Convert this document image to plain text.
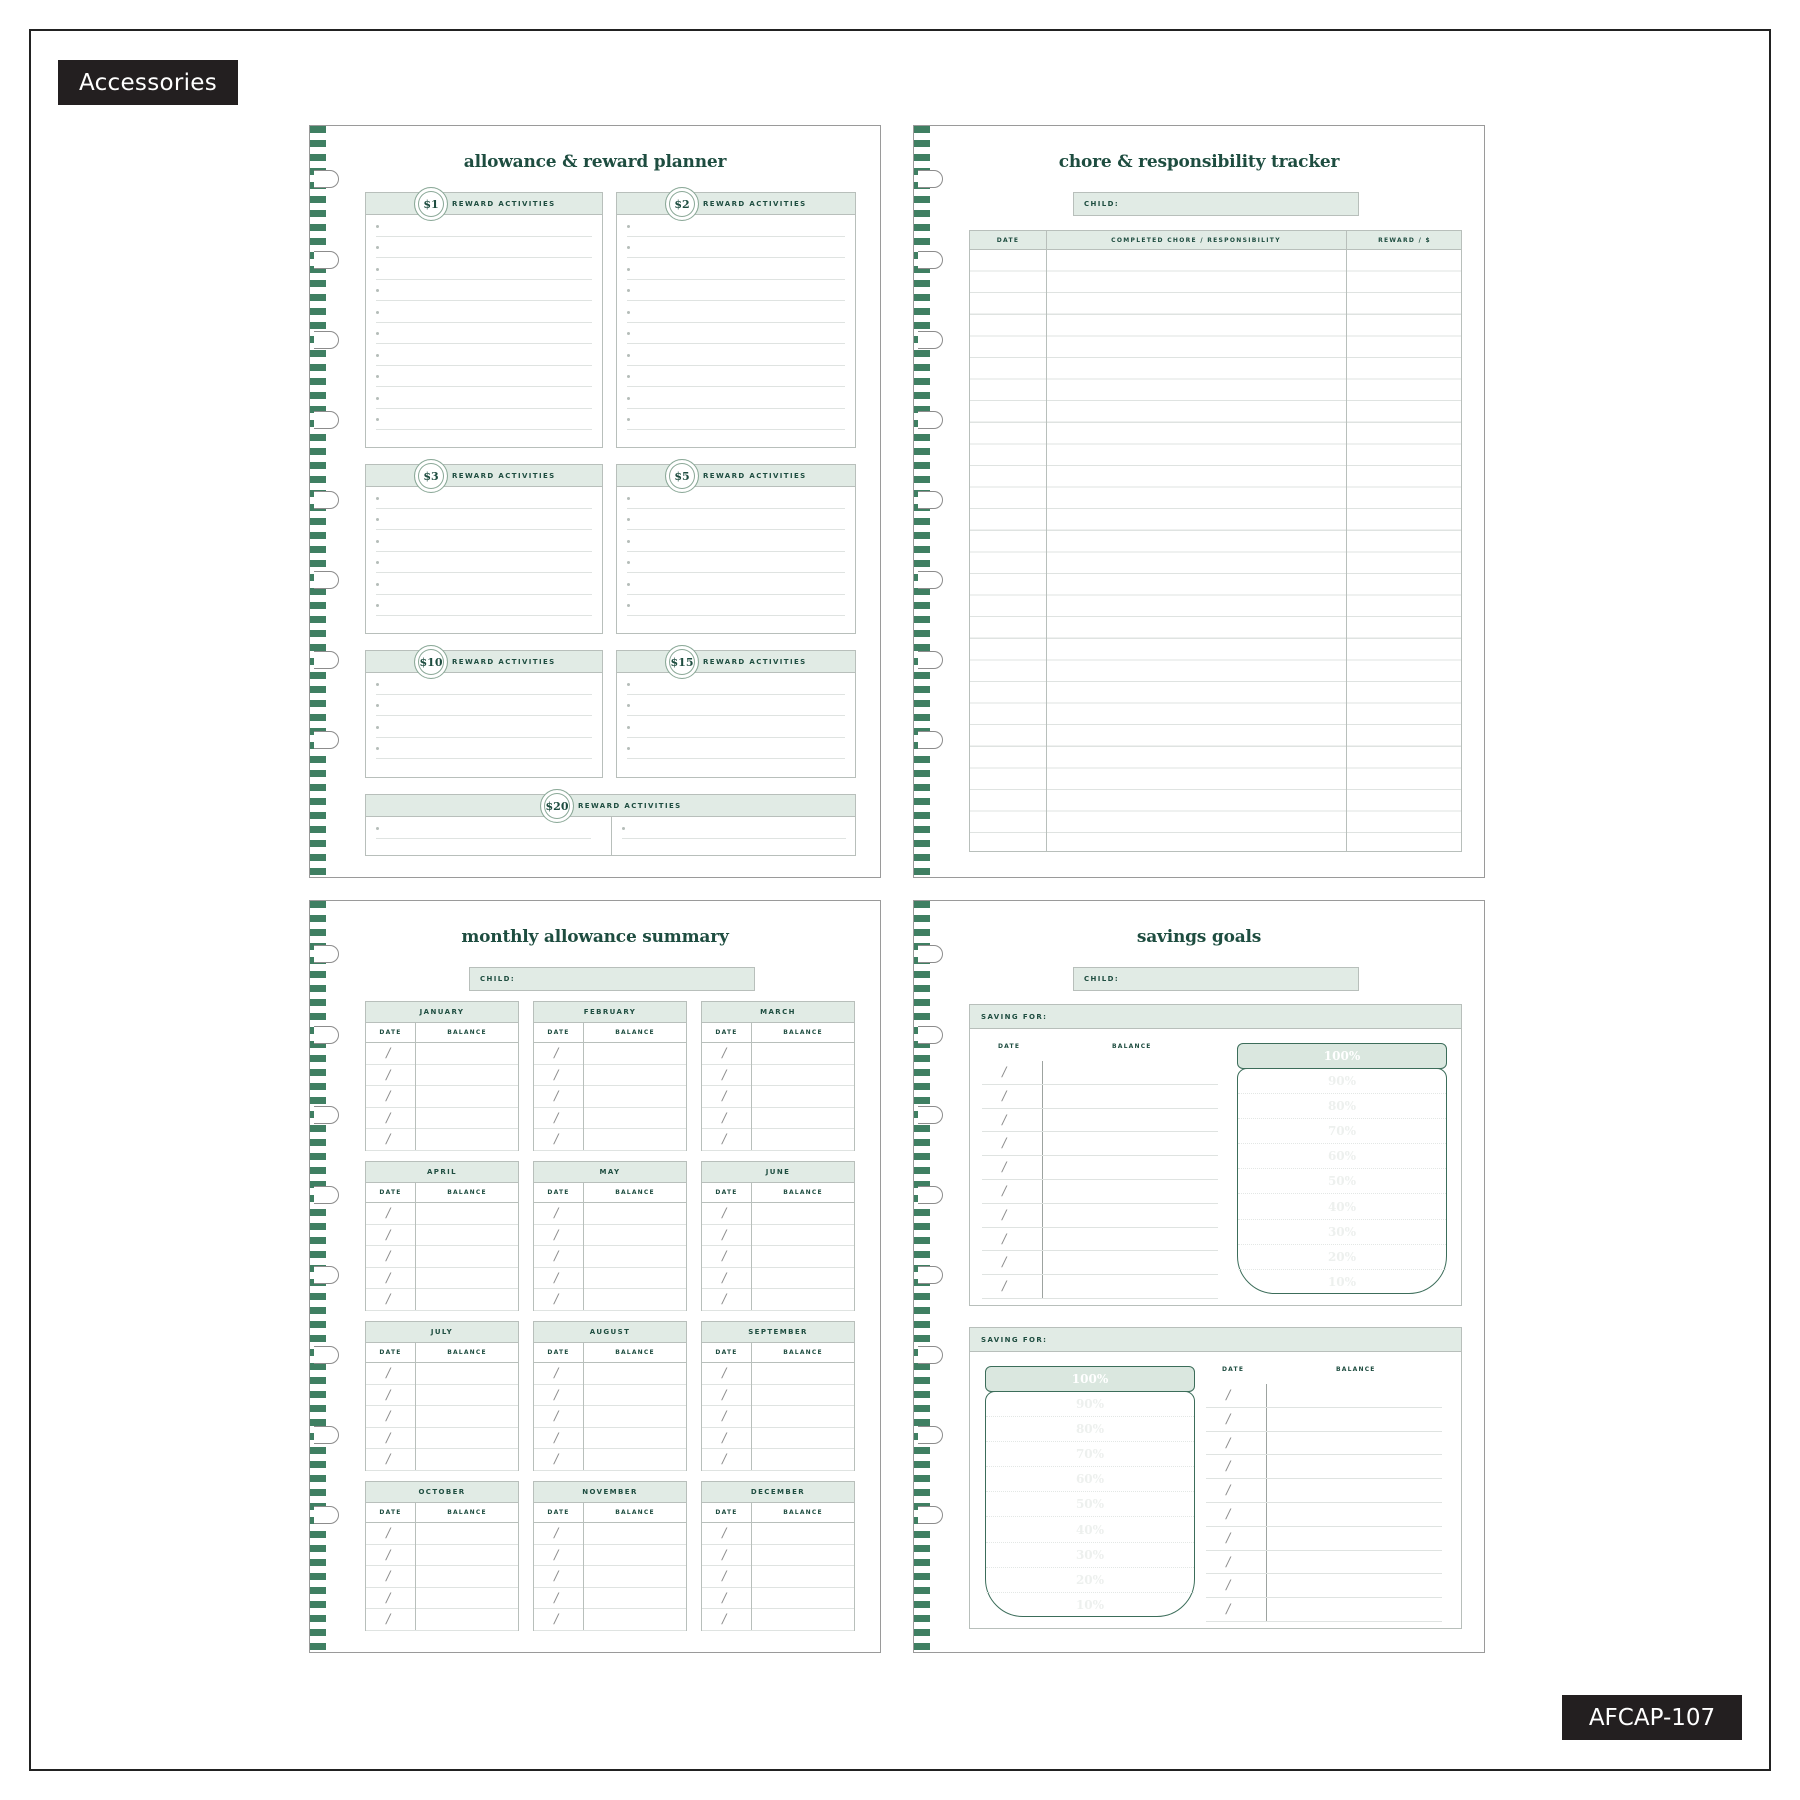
Accessories
AFCAP-107
allowance & reward planner
$1	REWARD ACTIVITIES	$2	REWARD ACTIVITIES
$3	REWARD ACTIVITIES	$5	REWARD ACTIVITIES
$10	REWARD ACTIVITIES	$15	REWARD ACTIVITIES
$20	REWARD ACTIVITIES
chore & responsibility tracker
CHILD:
DATE	COMPLETED CHORE / RESPONSIBILITY	REWARD / $
monthly allowance summary
CHILD:
JANUARY
DATE	BALANCE
/
/
/
/
/
FEBRUARY
DATE	BALANCE
/
/
/
/
/
MARCH
DATE	BALANCE
/
/
/
/
/
APRIL
DATE	BALANCE
/
/
/
/
/
MAY
DATE	BALANCE
/
/
/
/
/
JUNE
DATE	BALANCE
/
/
/
/
/
JULY
DATE	BALANCE
/
/
/
/
/
AUGUST
DATE	BALANCE
/
/
/
/
/
SEPTEMBER
DATE	BALANCE
/
/
/
/
/
OCTOBER
DATE	BALANCE
/
/
/
/
/
NOVEMBER
DATE	BALANCE
/
/
/
/
/
DECEMBER
DATE	BALANCE
/
/
/
/
/
savings goals
CHILD:
SAVING FOR:
DATE	BALANCE
/
/
/
/
/
/
/
/
/
/
100%
90%
80%
70%
60%
50%
40%
30%
20%
10%
SAVING FOR:
DATE	BALANCE
/
/
/
/
/
/
/
/
/
/
100%
90%
80%
70%
60%
50%
40%
30%
20%
10%
